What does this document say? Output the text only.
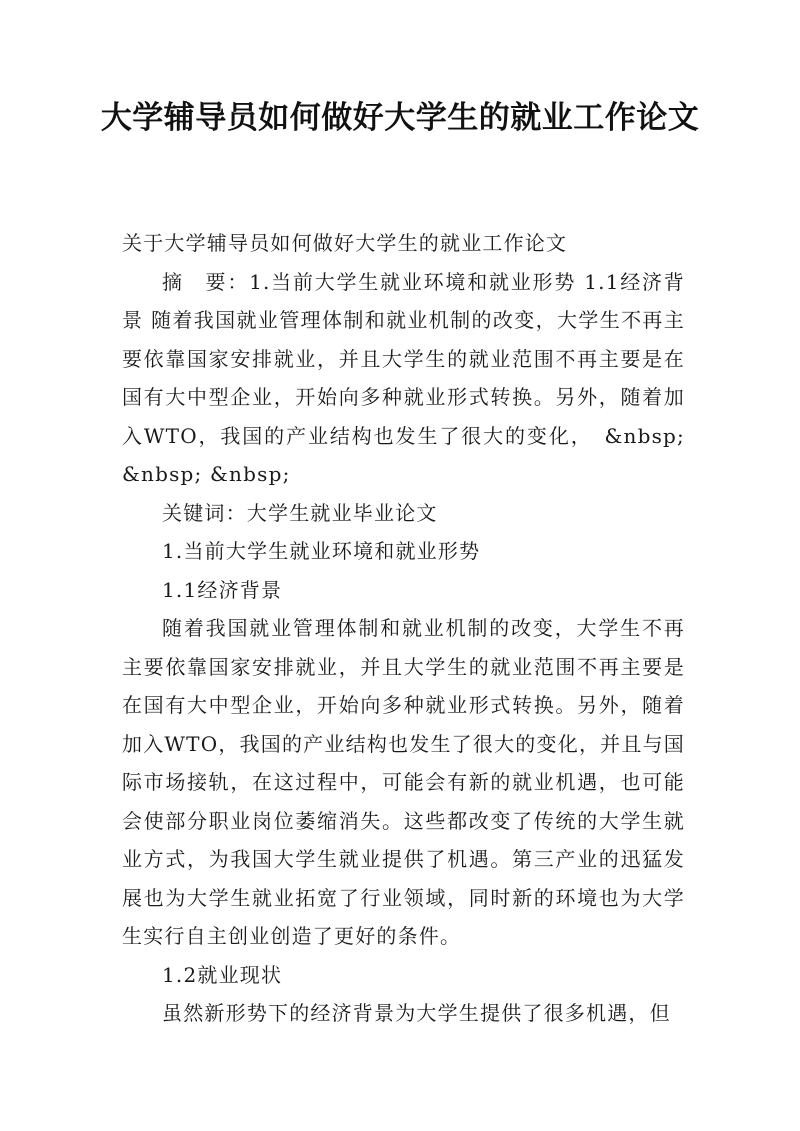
大学辅导员如何做好大学生的就业工作论文

关于大学辅导员如何做好大学生的就业工作论文

摘　要：1.当前大学生就业环境和就业形势 1.1经济背景 随着我国就业管理体制和就业机制的改变，大学生不再主要依靠国家安排就业，并且大学生的就业范围不再主要是在国有大中型企业，开始向多种就业形式转换。另外，随着加入WTO，我国的产业结构也发生了很大的变化，　&nbsp; &nbsp; &nbsp;

关键词：大学生就业毕业论文

1.当前大学生就业环境和就业形势

1.1经济背景

随着我国就业管理体制和就业机制的改变，大学生不再主要依靠国家安排就业，并且大学生的就业范围不再主要是在国有大中型企业，开始向多种就业形式转换。另外，随着加入WTO，我国的产业结构也发生了很大的变化，并且与国际市场接轨，在这过程中，可能会有新的就业机遇，也可能会使部分职业岗位萎缩消失。这些都改变了传统的大学生就业方式，为我国大学生就业提供了机遇。第三产业的迅猛发展也为大学生就业拓宽了行业领域，同时新的环境也为大学生实行自主创业创造了更好的条件。

1.2就业现状

虽然新形势下的经济背景为大学生提供了很多机遇，但
